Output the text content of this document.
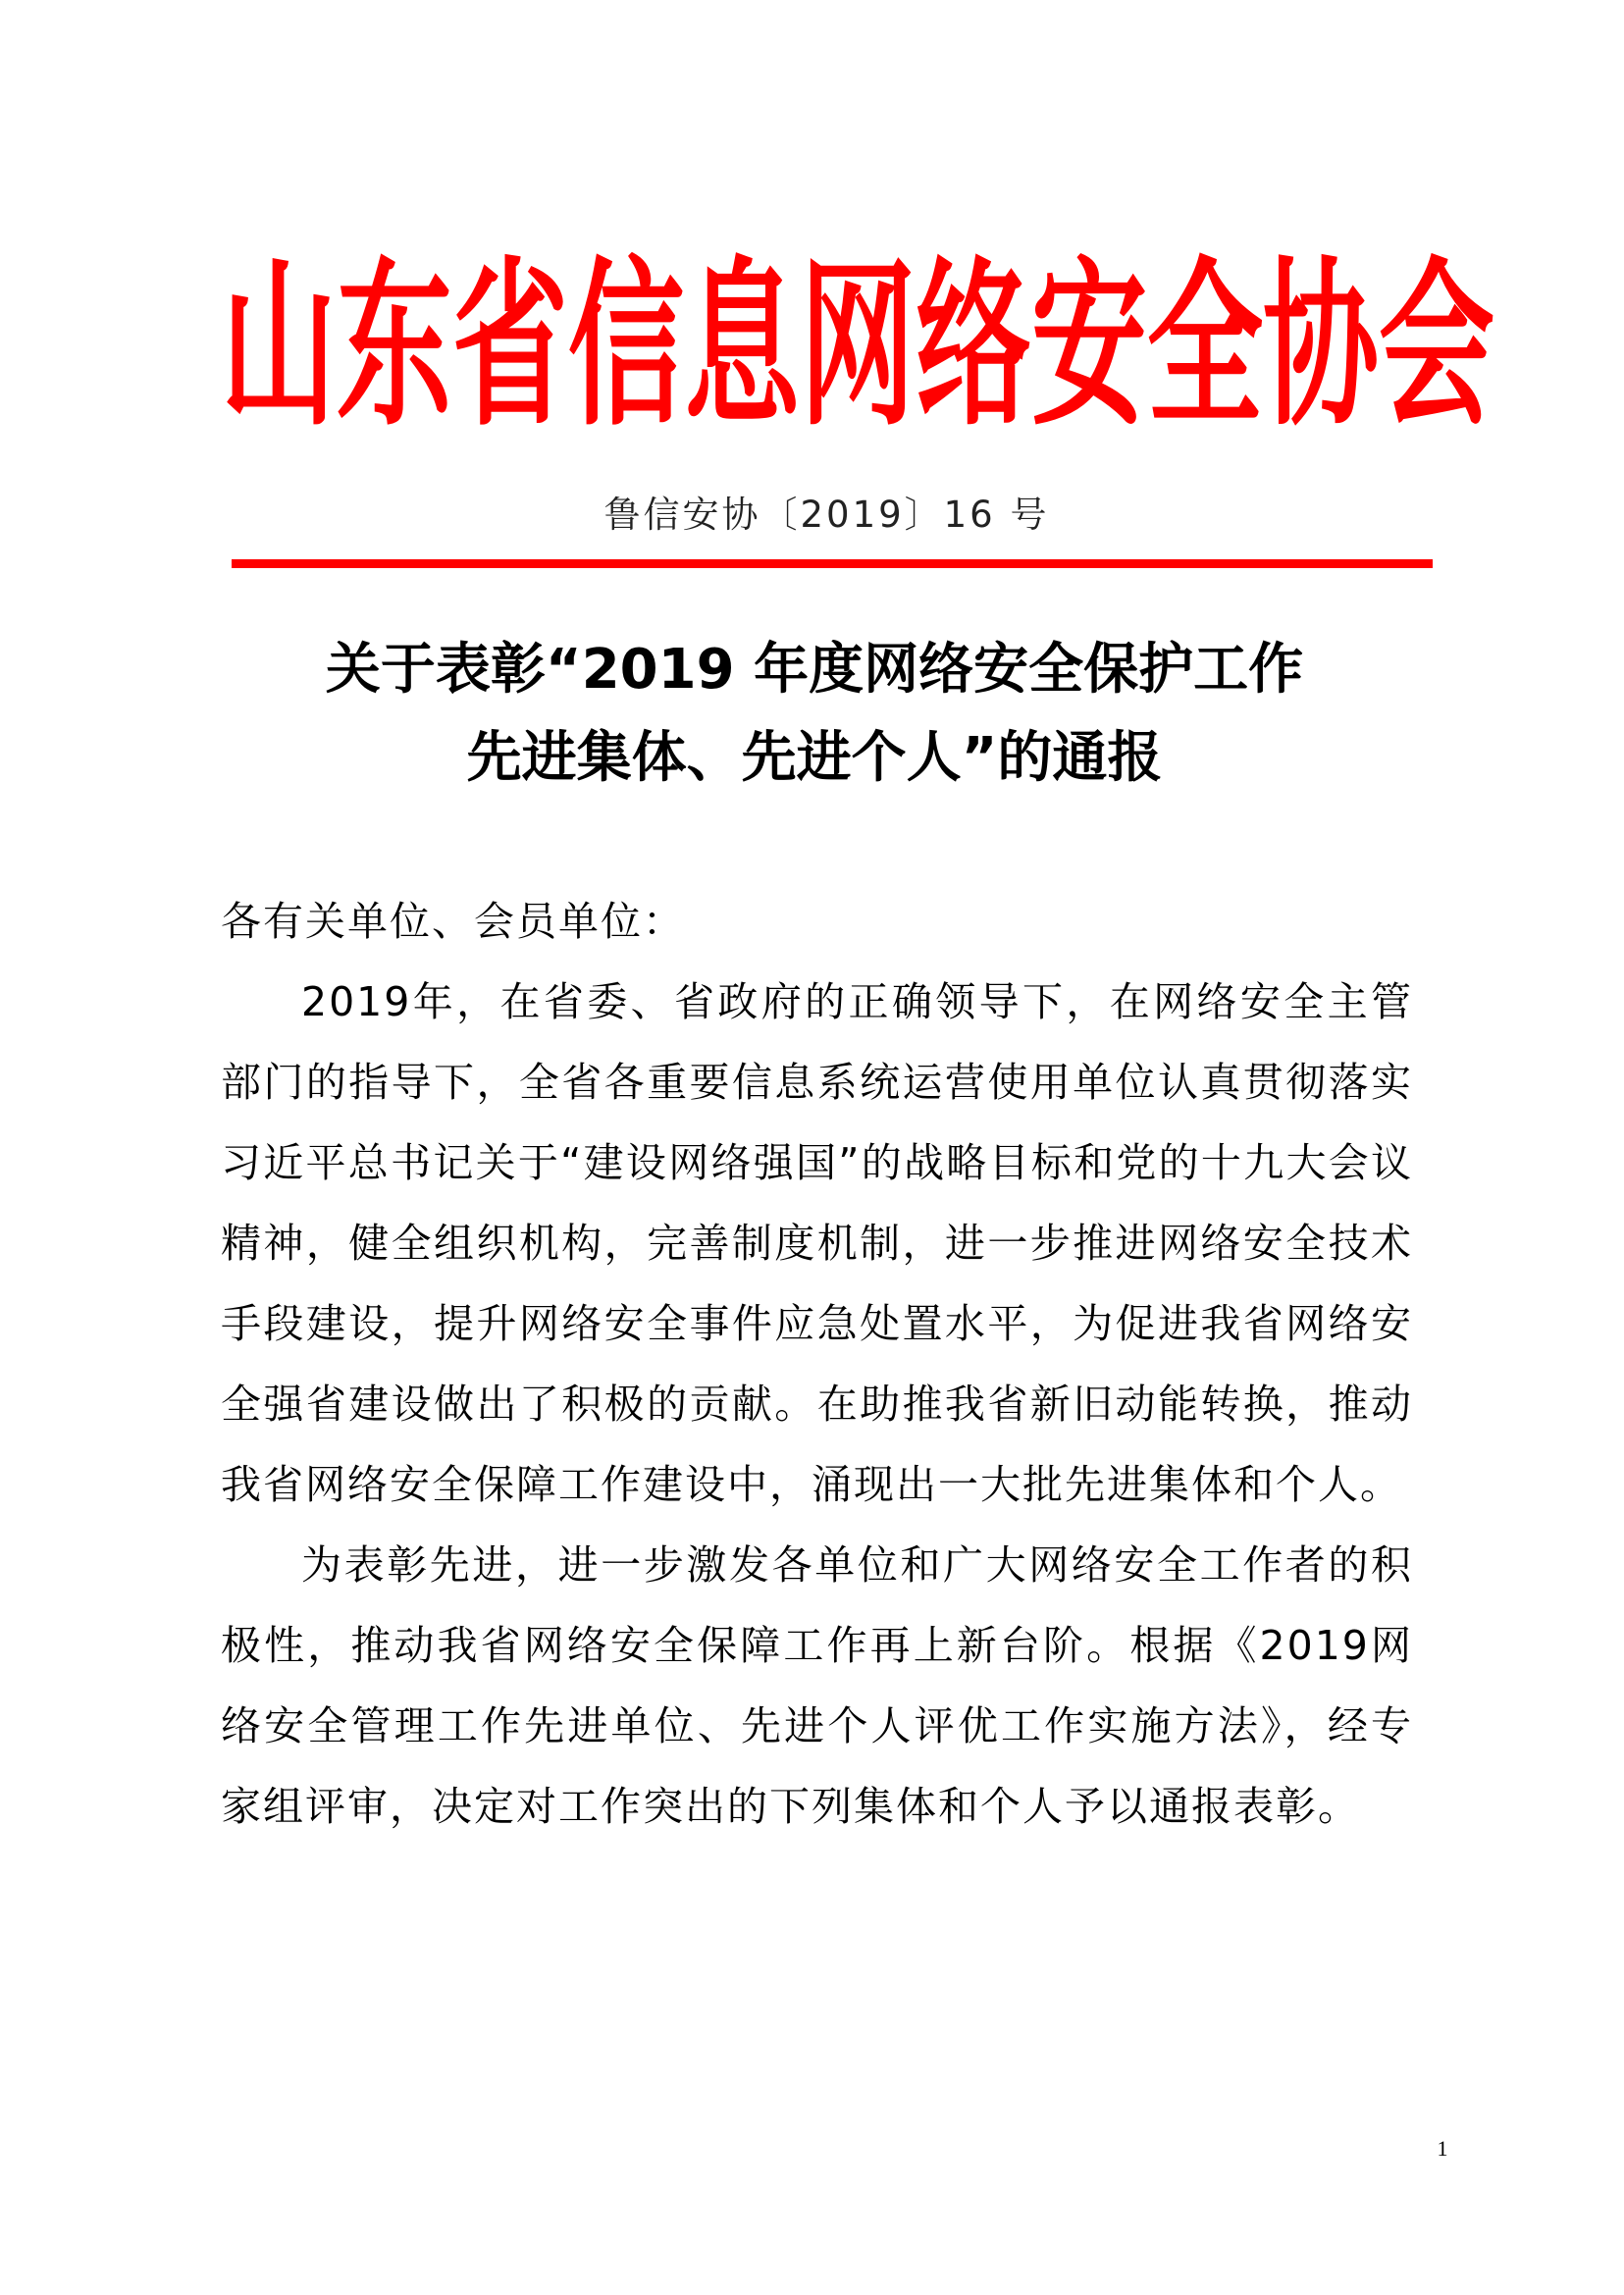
山东省信息网络安全协会
鲁信安协〔2019〕16 号
关于表彰“2019 年度网络安全保护工作
先进集体、先进个人”的通报

各有关单位、会员单位：

2019年，在省委、省政府的正确领导下，在网络安全主管部门的指导下，全省各重要信息系统运营使用单位认真贯彻落实习近平总书记关于“建设网络强国”的战略目标和党的十九大会议精神，健全组织机构，完善制度机制，进一步推进网络安全技术手段建设，提升网络安全事件应急处置水平，为促进我省网络安全强省建设做出了积极的贡献。在助推我省新旧动能转换，推动我省网络安全保障工作建设中，涌现出一大批先进集体和个人。

为表彰先进，进一步激发各单位和广大网络安全工作者的积极性，推动我省网络安全保障工作再上新台阶。根据《2019网络安全管理工作先进单位、先进个人评优工作实施方法》，经专家组评审，决定对工作突出的下列集体和个人予以通报表彰。

1
